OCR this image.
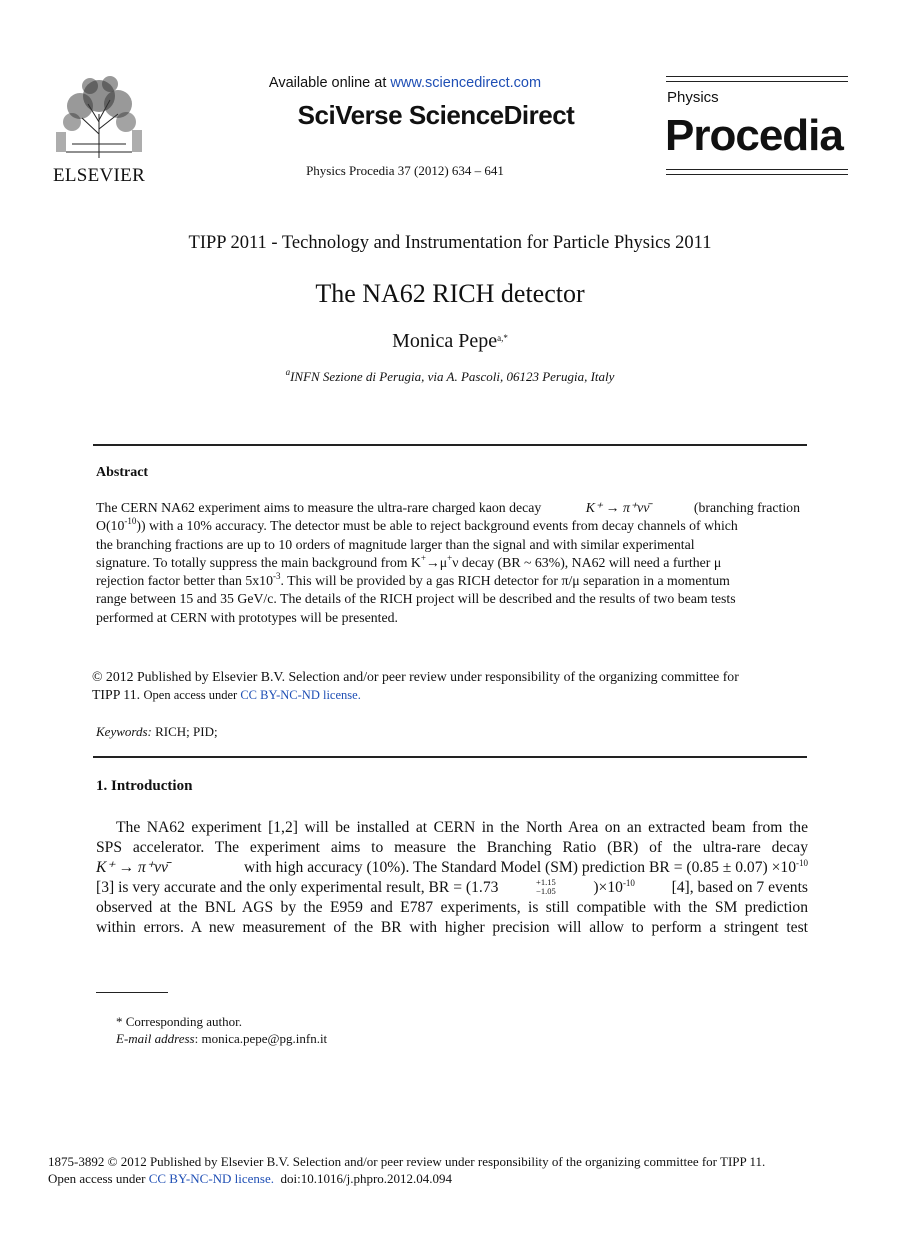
ELSEVIER
Available online at www.sciencedirect.com
SciVerse ScienceDirect
Physics Procedia 37 (2012) 634 – 641
Physics
Procedia
TIPP 2011 - Technology and Instrumentation for Particle Physics 2011
The NA62 RICH detector
Monica Pepe$^{a,*}$
$^a$INFN Sezione di Perugia, via A. Pascoli, 06123 Perugia, Italy
Abstract
The CERN NA62 experiment aims to measure the ultra-rare charged kaon decay	K⁺ → π⁺νν̄	(branching fraction
$O(10^{-10})$) with a 10% accuracy. The detector must be able to reject background events from decay channels of which
the branching fractions are up to 10 orders of magnitude larger than the signal and with similar experimental
signature. To totally suppress the main background from K+→μ+ν decay (BR ~ 63%), NA62 will need a further μ
rejection factor better than $5x10^{-3}$. This will be provided by a gas RICH detector for π/μ separation in a momentum
range between 15 and 35 GeV/c. The details of the RICH project will be described and the results of two beam tests
performed at CERN with prototypes will be presented.
© 2012 Published by Elsevier B.V. Selection and/or peer review under responsibility of the organizing committee for
TIPP 11. Open access under CC BY-NC-ND license.
Keywords: RICH; PID;
1. Introduction
The NA62 experiment [1,2] will be installed at CERN in the North Area on an extracted beam from the
SPS accelerator. The experiment aims to measure the Branching Ratio (BR) of the ultra-rare decay
K⁺ → π⁺νν̄	with high accuracy (10%). The Standard Model (SM) prediction BR = $(0.85 \pm 0.07) \times 10^{-10}$
[3] is very accurate and the only experimental result, BR = (1.73	+1.15
−1.05 )$\times 10^{-10}$ [4], based on 7 events
observed at the BNL AGS by the E959 and E787 experiments, is still compatible with the SM prediction
within errors. A new measurement of the BR with higher precision will allow to perform a stringent test
* Corresponding author.
E-mail address: monica.pepe@pg.infn.it
1875-3892 © 2012 Published by Elsevier B.V. Selection and/or peer review under responsibility of the organizing committee for TIPP 11.
Open access under CC BY-NC-ND license.  doi:10.1016/j.phpro.2012.04.094
